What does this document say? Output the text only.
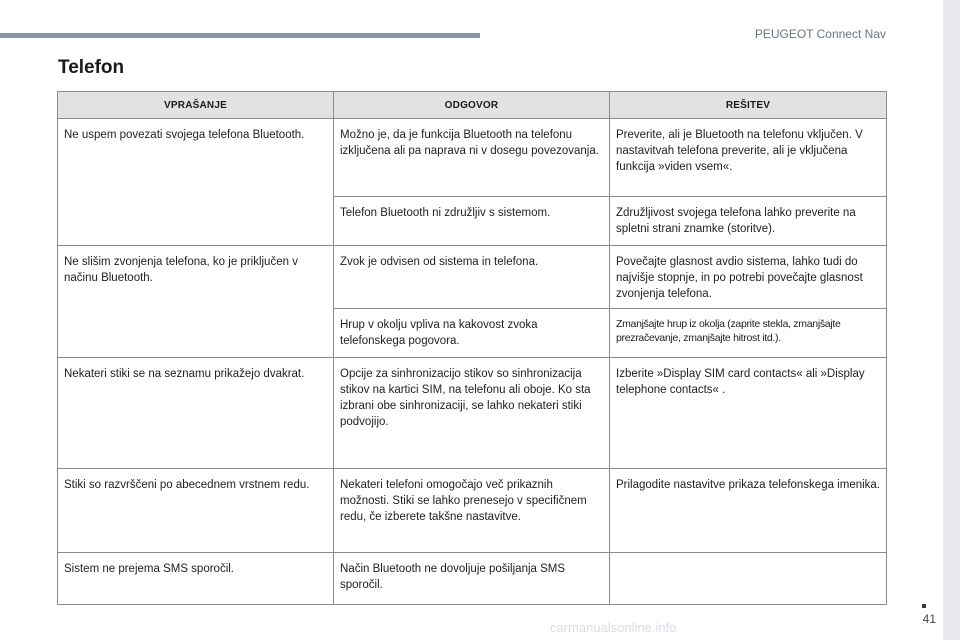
PEUGEOT Connect Nav
Telefon
VPRAŠANJE	ODGOVOR	REŠITEV
Ne uspem povezati svojega telefona Bluetooth.	Možno je, da je funkcija Bluetooth na telefonu izključena ali pa naprava ni v dosegu povezovanja.	Preverite, ali je Bluetooth na telefonu vključen. V nastavitvah telefona preverite, ali je vključena funkcija »viden vsem«.
	Telefon Bluetooth ni združljiv s sistemom.	Združljivost svojega telefona lahko preverite na spletni strani znamke (storitve).
Ne slišim zvonjenja telefona, ko je priključen v načinu Bluetooth.	Zvok je odvisen od sistema in telefona.	Povečajte glasnost avdio sistema, lahko tudi do najvišje stopnje, in po potrebi povečajte glasnost zvonjenja telefona.
	Hrup v okolju vpliva na kakovost zvoka telefonskega pogovora.	Zmanjšajte hrup iz okolja (zaprite stekla, zmanjšajte prezračevanje, zmanjšajte hitrost itd.).
Nekateri stiki se na seznamu prikažejo dvakrat.	Opcije za sinhronizacijo stikov so sinhronizacija stikov na kartici SIM, na telefonu ali oboje. Ko sta izbrani obe sinhronizaciji, se lahko nekateri stiki podvojijo.	Izberite »Display SIM card contacts« ali »Display telephone contacts« .
Stiki so razvrščeni po abecednem vrstnem redu.	Nekateri telefoni omogočajo več prikaznih možnosti. Stiki se lahko prenesejo v specifičnem redu, če izberete takšne nastavitve.	Prilagodite nastavitve prikaza telefonskega imenika.
Sistem ne prejema SMS sporočil.	Način Bluetooth ne dovoljuje pošiljanja SMS sporočil.	
41
carmanualsonline.info
